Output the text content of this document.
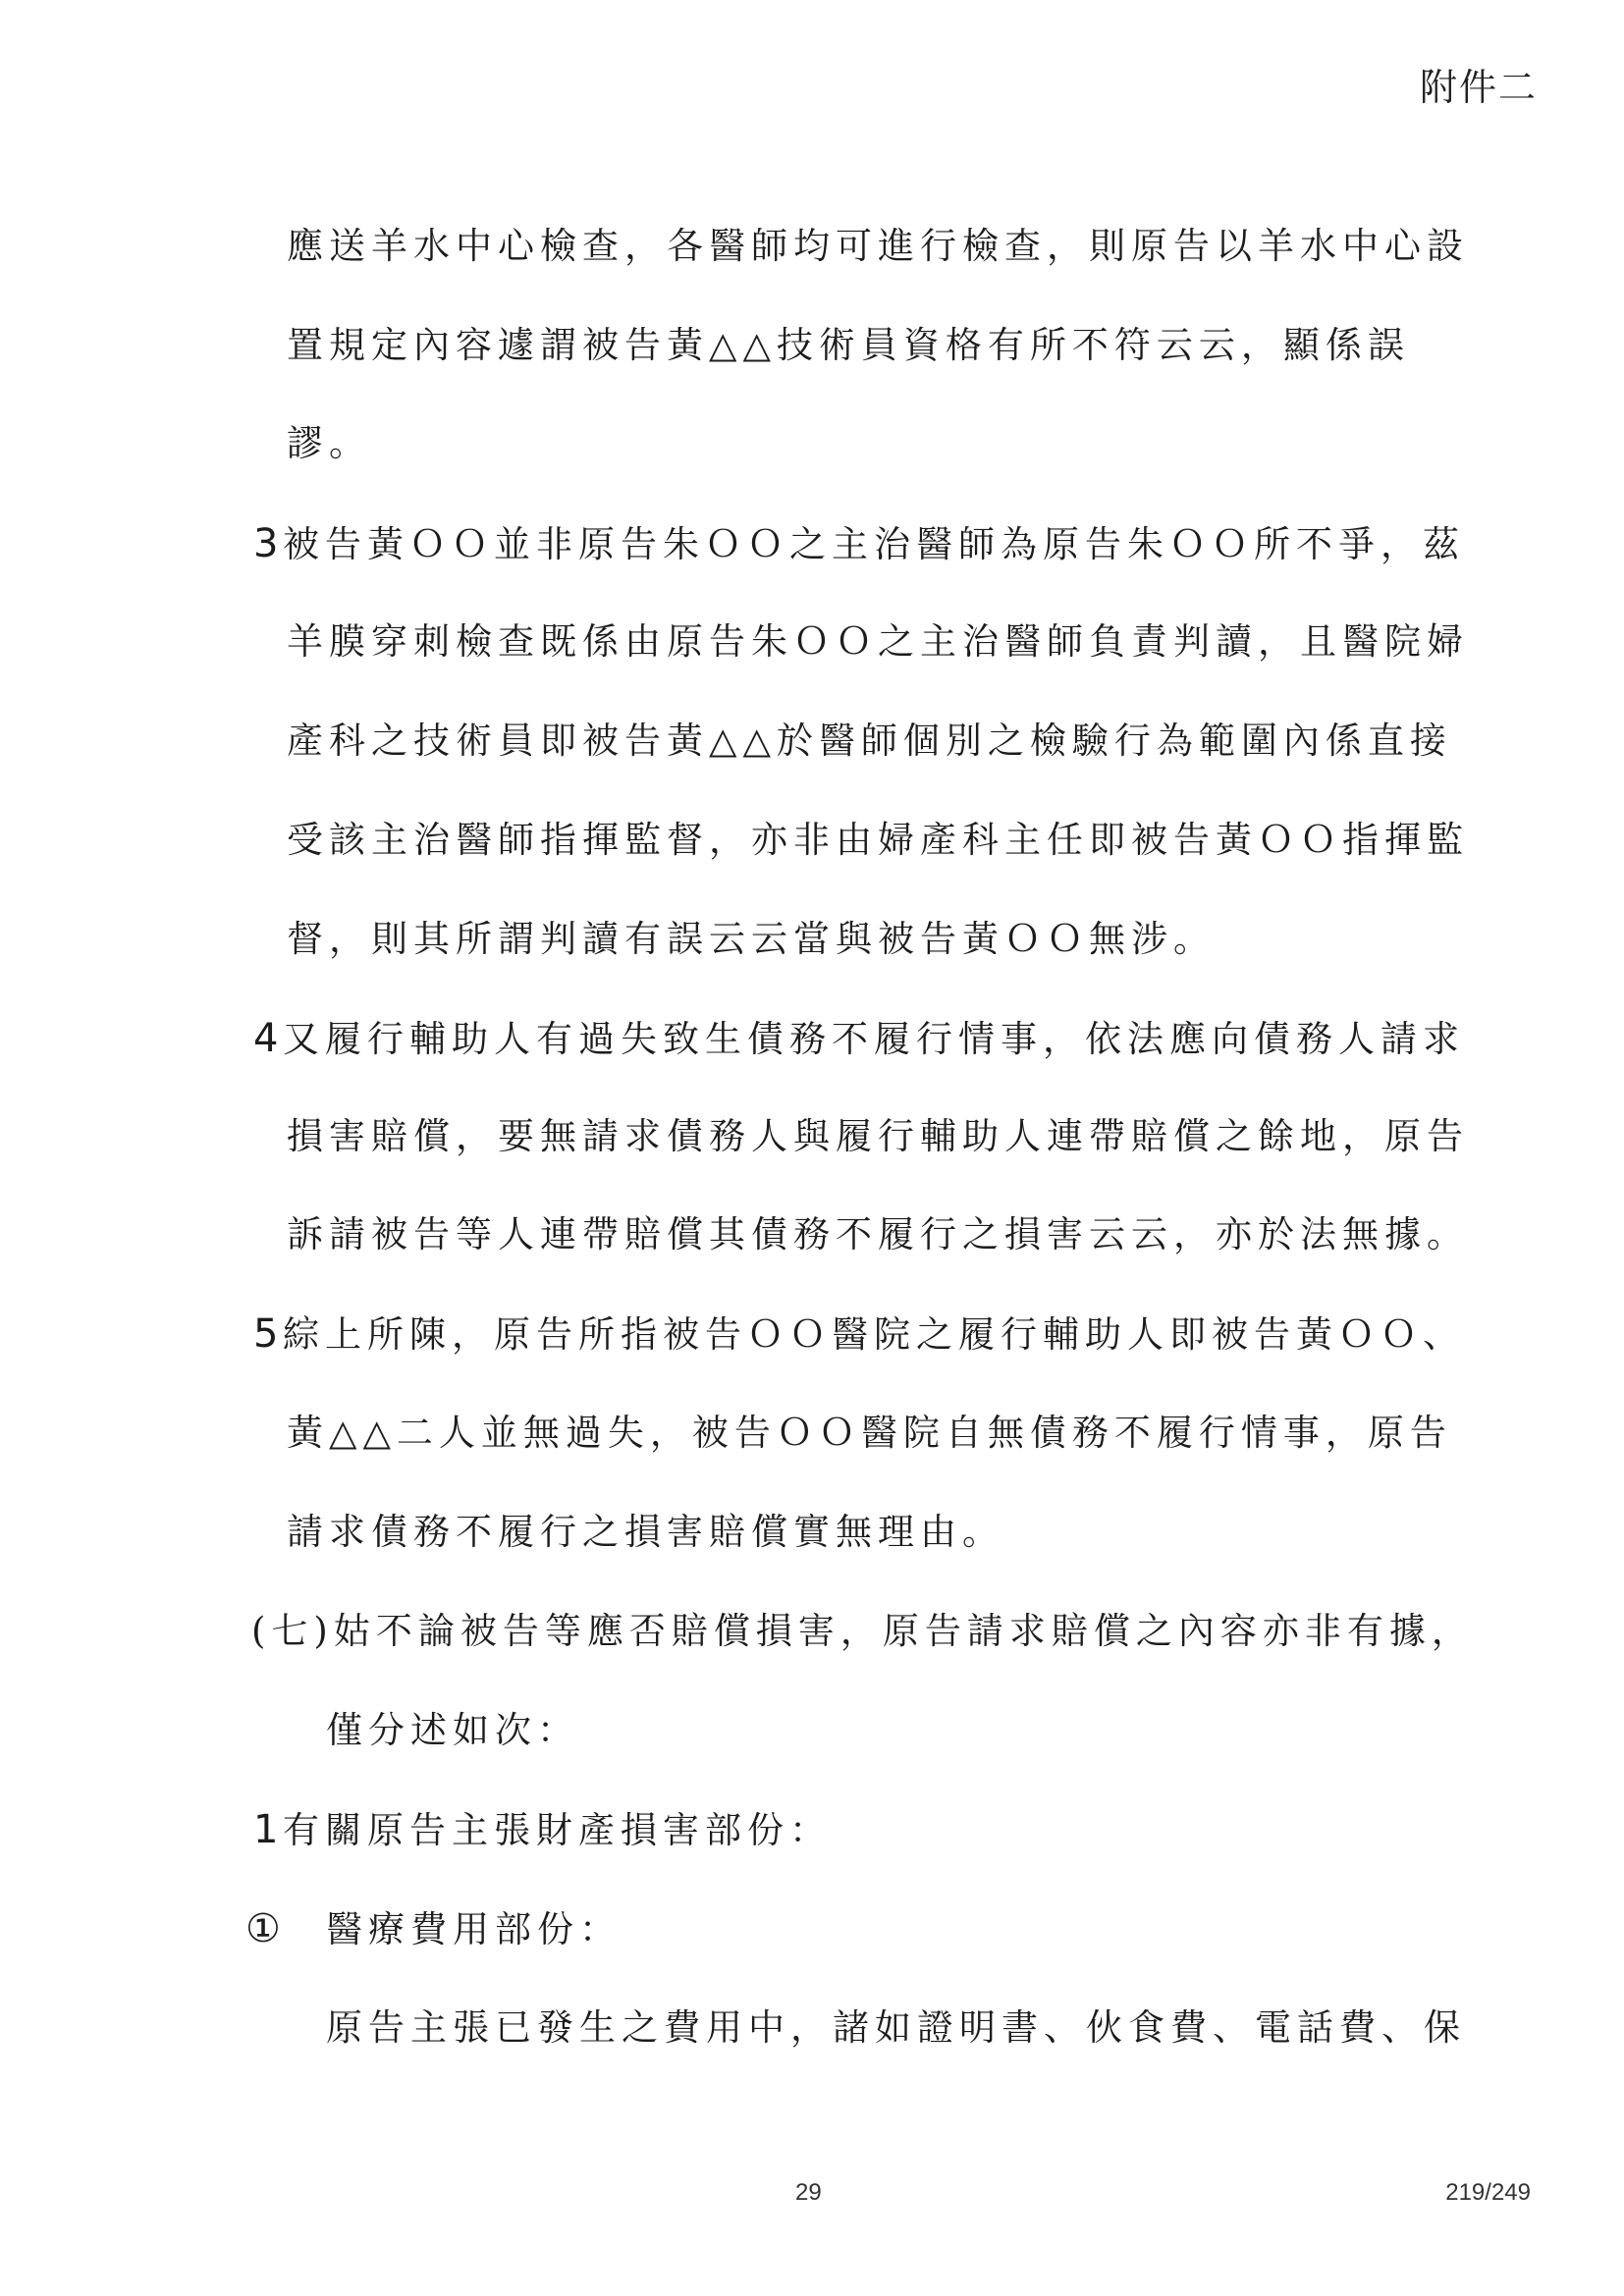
附件二
應送羊水中心檢查，各醫師均可進行檢查，則原告以羊水中心設
置規定內容遽謂被告黃△△技術員資格有所不符云云，顯係誤
謬。
3被告黃ＯＯ並非原告朱ＯＯ之主治醫師為原告朱ＯＯ所不爭，茲
羊膜穿刺檢查既係由原告朱ＯＯ之主治醫師負責判讀，且醫院婦
產科之技術員即被告黃△△於醫師個別之檢驗行為範圍內係直接
受該主治醫師指揮監督，亦非由婦產科主任即被告黃ＯＯ指揮監
督，則其所謂判讀有誤云云當與被告黃ＯＯ無涉。
4又履行輔助人有過失致生債務不履行情事，依法應向債務人請求
損害賠償，要無請求債務人與履行輔助人連帶賠償之餘地，原告
訴請被告等人連帶賠償其債務不履行之損害云云，亦於法無據。
5綜上所陳，原告所指被告ＯＯ醫院之履行輔助人即被告黃ＯＯ、
黃△△二人並無過失，被告ＯＯ醫院自無債務不履行情事，原告
請求債務不履行之損害賠償實無理由。
(七)姑不論被告等應否賠償損害，原告請求賠償之內容亦非有據，
僅分述如次：
1有關原告主張財產損害部份：
① 醫療費用部份：
原告主張已發生之費用中，諸如證明書、伙食費、電話費、保
29	219/249
